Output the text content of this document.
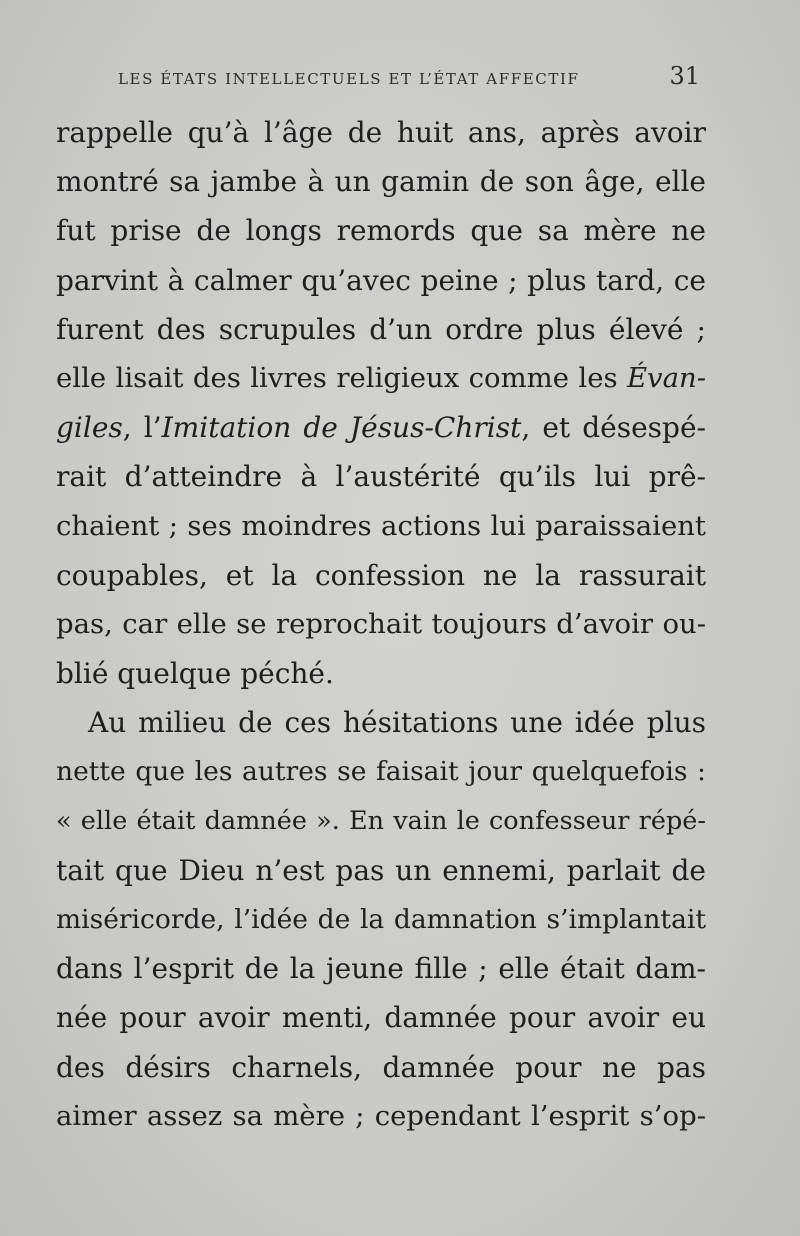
LES ÉTATS INTELLECTUELS ET L’ÉTAT AFFECTIF	31
rappelle qu’à l’âge de huit ans, après avoir
montré sa jambe à un gamin de son âge, elle
fut prise de longs remords que sa mère ne
parvint à calmer qu’avec peine ; plus tard, ce
furent des scrupules d’un ordre plus élevé ;
elle lisait des livres religieux comme les Évan-
giles, l’Imitation de Jésus-Christ, et désespé-
rait d’atteindre à l’austérité qu’ils lui prê-
chaient ; ses moindres actions lui paraissaient
coupables, et la confession ne la rassurait
pas, car elle se reprochait toujours d’avoir ou-
blié quelque péché.
Au milieu de ces hésitations une idée plus
nette que les autres se faisait jour quelquefois :
« elle était damnée ». En vain le confesseur répé-
tait que Dieu n’est pas un ennemi, parlait de
miséricorde, l’idée de la damnation s’implantait
dans l’esprit de la jeune fille ; elle était dam-
née pour avoir menti, damnée pour avoir eu
des désirs charnels, damnée pour ne pas
aimer assez sa mère ; cependant l’esprit s’op-
